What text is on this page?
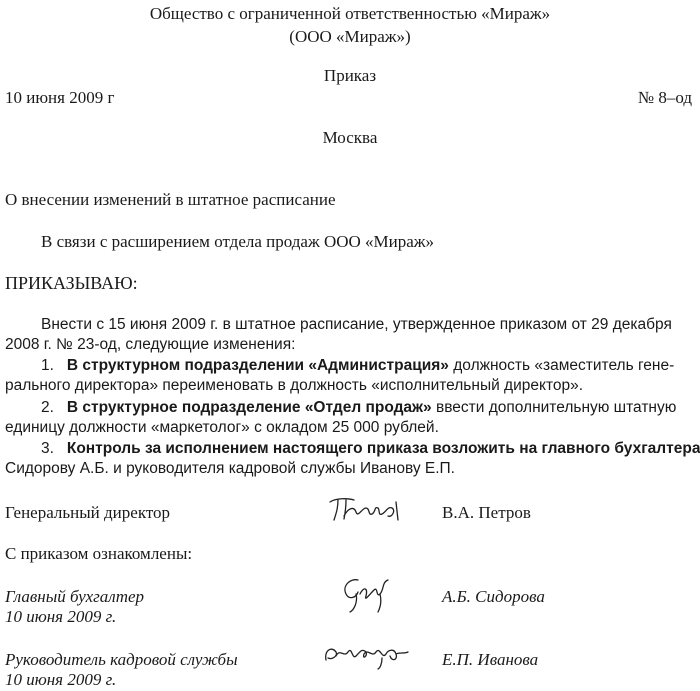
Общество с ограниченной ответственностью «Мираж»
(ООО «Мираж»)
Приказ
10 июня 2009 г	№ 8–од
Москва
О внесении изменений в штатное расписание
В связи с расширением отдела продаж ООО «Мираж»
ПРИКАЗЫВАЮ:
Внести с 15 июня 2009 г. в штатное расписание, утвержденное приказом от 29 декабря
2008 г. № 23-од, следующие изменения:
1. В структурном подразделении «Администрация» должность «заместитель гене-
рального директора» переименовать в должность «исполнительный директор».
2. В структурное подразделение «Отдел продаж» ввести дополнительную штатную
единицу должности «маркетолог» с окладом 25 000 рублей.
3. Контроль за исполнением настоящего приказа возложить на главного бухгалтера
Сидорову А.Б. и руководителя кадровой службы Иванову Е.П.
Генеральный директор	В.А. Петров
С приказом ознакомлены:
Главный бухгалтер
10 июня 2009 г.
А.Б. Сидорова
Руководитель кадровой службы
10 июня 2009 г.
Е.П. Иванова
